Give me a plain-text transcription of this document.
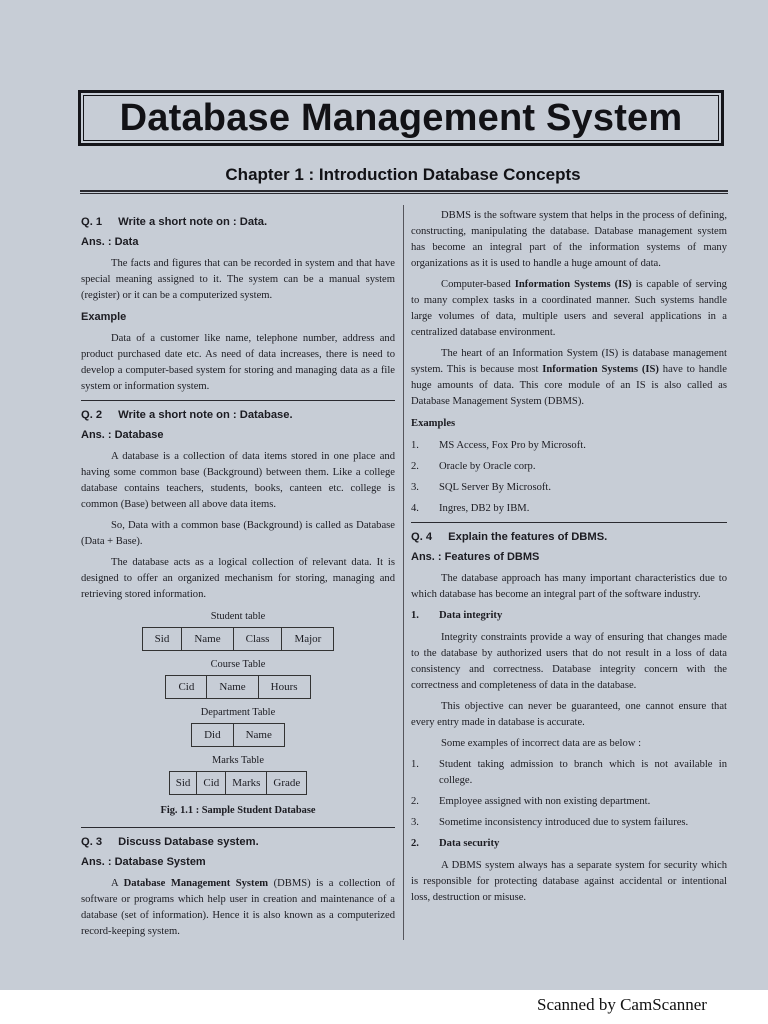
Database Management System
Chapter 1 : Introduction Database Concepts
Q. 1 Write a short note on : Data.
Ans. : Data

The facts and figures that can be recorded in system and that have special meaning assigned to it. The system can be a manual system (register) or it can be a computerized system.

Example

Data of a customer like name, telephone number, address and product purchased date etc. As need of data increases, there is need to develop a computer-based system for storing and managing data as a file system or information system.

Q. 2 Write a short note on : Database.
Ans. : Database

A database is a collection of data items stored in one place and having some common base (Background) between them. Like a college database contains teachers, students, books, canteen etc. college is common (Base) between all above data items.

So, Data with a common base (Background) is called as Database (Data + Base).

The database acts as a logical collection of relevant data. It is designed to offer an organized mechanism for storing, managing and retrieving stored information.

Student table
Sid	Name	Class	Major
Course Table
Cid	Name	Hours
Department Table
Did	Name
Marks Table
Sid	Cid	Marks	Grade
Fig. 1.1 : Sample Student Database
Q. 3 Discuss Database system.
Ans. : Database System

A Database Management System (DBMS) is a collection of software or programs which help user in creation and maintenance of a database (set of information). Hence it is also known as a computerized record-keeping system.

DBMS is the software system that helps in the process of defining, constructing, manipulating the database. Database management system has become an integral part of the information systems of many organizations as it is used to handle a huge amount of data.

Computer-based Information Systems (IS) is capable of serving to many complex tasks in a coordinated manner. Such systems handle large volumes of data, multiple users and several applications in a centralized database environment.

The heart of an Information System (IS) is database management system. This is because most Information Systems (IS) have to handle huge amounts of data. This core module of an IS is also called as Database Management System (DBMS).

Examples
1.	MS Access, Fox Pro by Microsoft.
2.	Oracle by Oracle corp.
3.	SQL Server By Microsoft.
4.	Ingres, DB2 by IBM.
Q. 4 Explain the features of DBMS.
Ans. : Features of DBMS

The database approach has many important characteristics due to which database has become an integral part of the software industry.

1.	Data integrity

Integrity constraints provide a way of ensuring that changes made to the database by authorized users that do not result in a loss of data consistency and correctness. Database integrity concern with the correctness and completeness of data in the database.

This objective can never be guaranteed, one cannot ensure that every entry made in database is accurate.

Some examples of incorrect data are as below :

1.	Student taking admission to branch which is not available in college.
2.	Employee assigned with non existing department.
3.	Sometime inconsistency introduced due to system failures.
2.	Data security

A DBMS system always has a separate system for security which is responsible for protecting database against accidental or intentional loss, destruction or misuse.

Scanned by CamScanner
